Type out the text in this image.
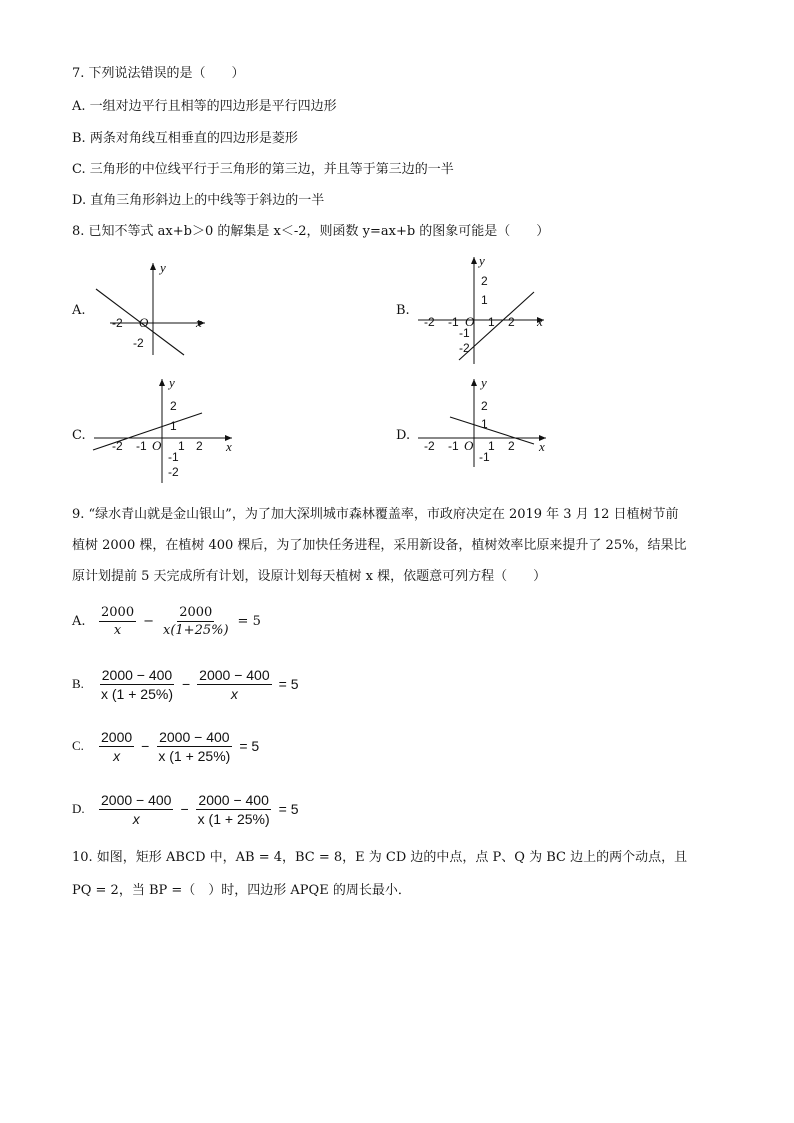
7. 下列说法错误的是（　　）
A. 一组对边平行且相等的四边形是平行四边形
B. 两条对角线互相垂直的四边形是菱形
C. 三角形的中位线平行于三角形的第三边，并且等于第三边的一半
D. 直角三角形斜边上的中线等于斜边的一半
8. 已知不等式 ax+b＞0 的解集是 x＜-2，则函数 y=ax+b 的图象可能是（　　）
A.
y
x
O
-2
-2
B.
y
x
O
-2 -1 1 2
2
1
-1
-2
C.
y
x
O
-2 -1	1 2
2
1
-1
-2
D.
y
x
O
-2 -1 1 2
2
1
-1
9. “绿水青山就是金山银山”，为了加大深圳城市森林覆盖率，市政府决定在 2019 年 3 月 12 日植树节前
植树 2000 棵，在植树 400 棵后，为了加快任务进程，采用新设备，植树效率比原来提升了 25%，结果比
原计划提前 5 天完成所有计划，设原计划每天植树 x 棵，依题意可列方程（　　）
A.	$\frac{2000}{x} - \frac{2000}{x(1+25\%)} = 5$
B.	$\frac{2000 - 400}{x (1 + 25\%)} - \frac{2000 - 400}{x} = 5$
C.	$\frac{2000}{x} - \frac{2000 - 400}{x (1 + 25\%)} = 5$
D.	$\frac{2000 - 400}{x} - \frac{2000 - 400}{x (1 + 25\%)} = 5$
10. 如图，矩形 ABCD 中，AB = 4，BC = 8，E 为 CD 边的中点，点 P、Q 为 BC 边上的两个动点，且
PQ = 2，当 BP =（　）时，四边形 APQE 的周长最小．
